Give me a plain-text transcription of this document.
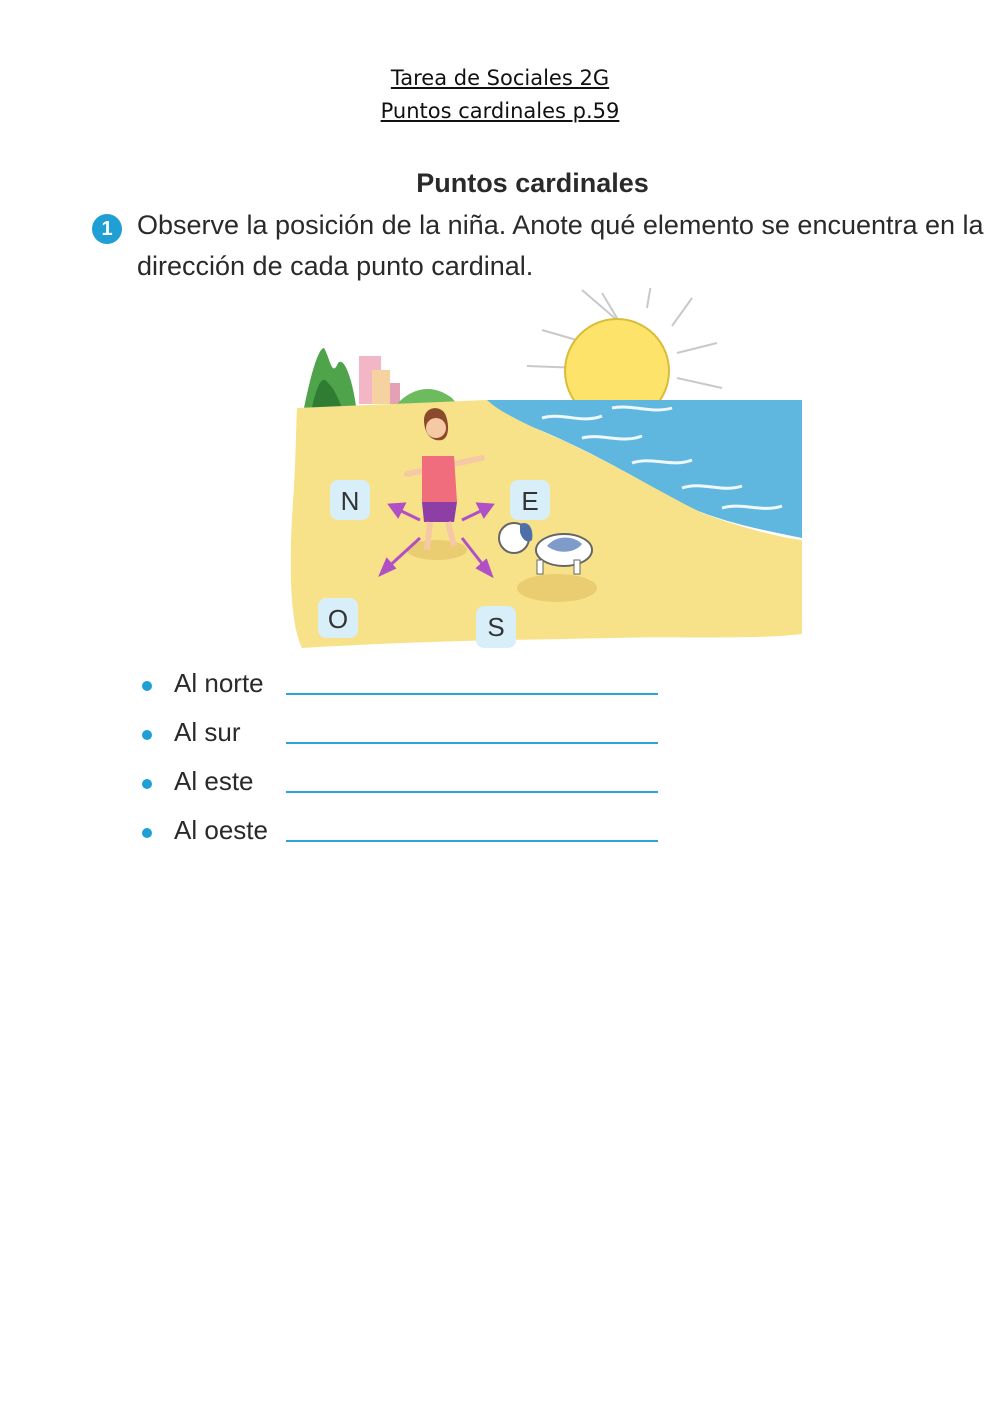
Tarea de Sociales 2G
Puntos cardinales p.59
Puntos cardinales
1 Observe la posición de la niña. Anote qué elemento se encuentra en la dirección de cada punto cardinal.
N	E
O	S
Al norte
Al sur
Al este
Al oeste
